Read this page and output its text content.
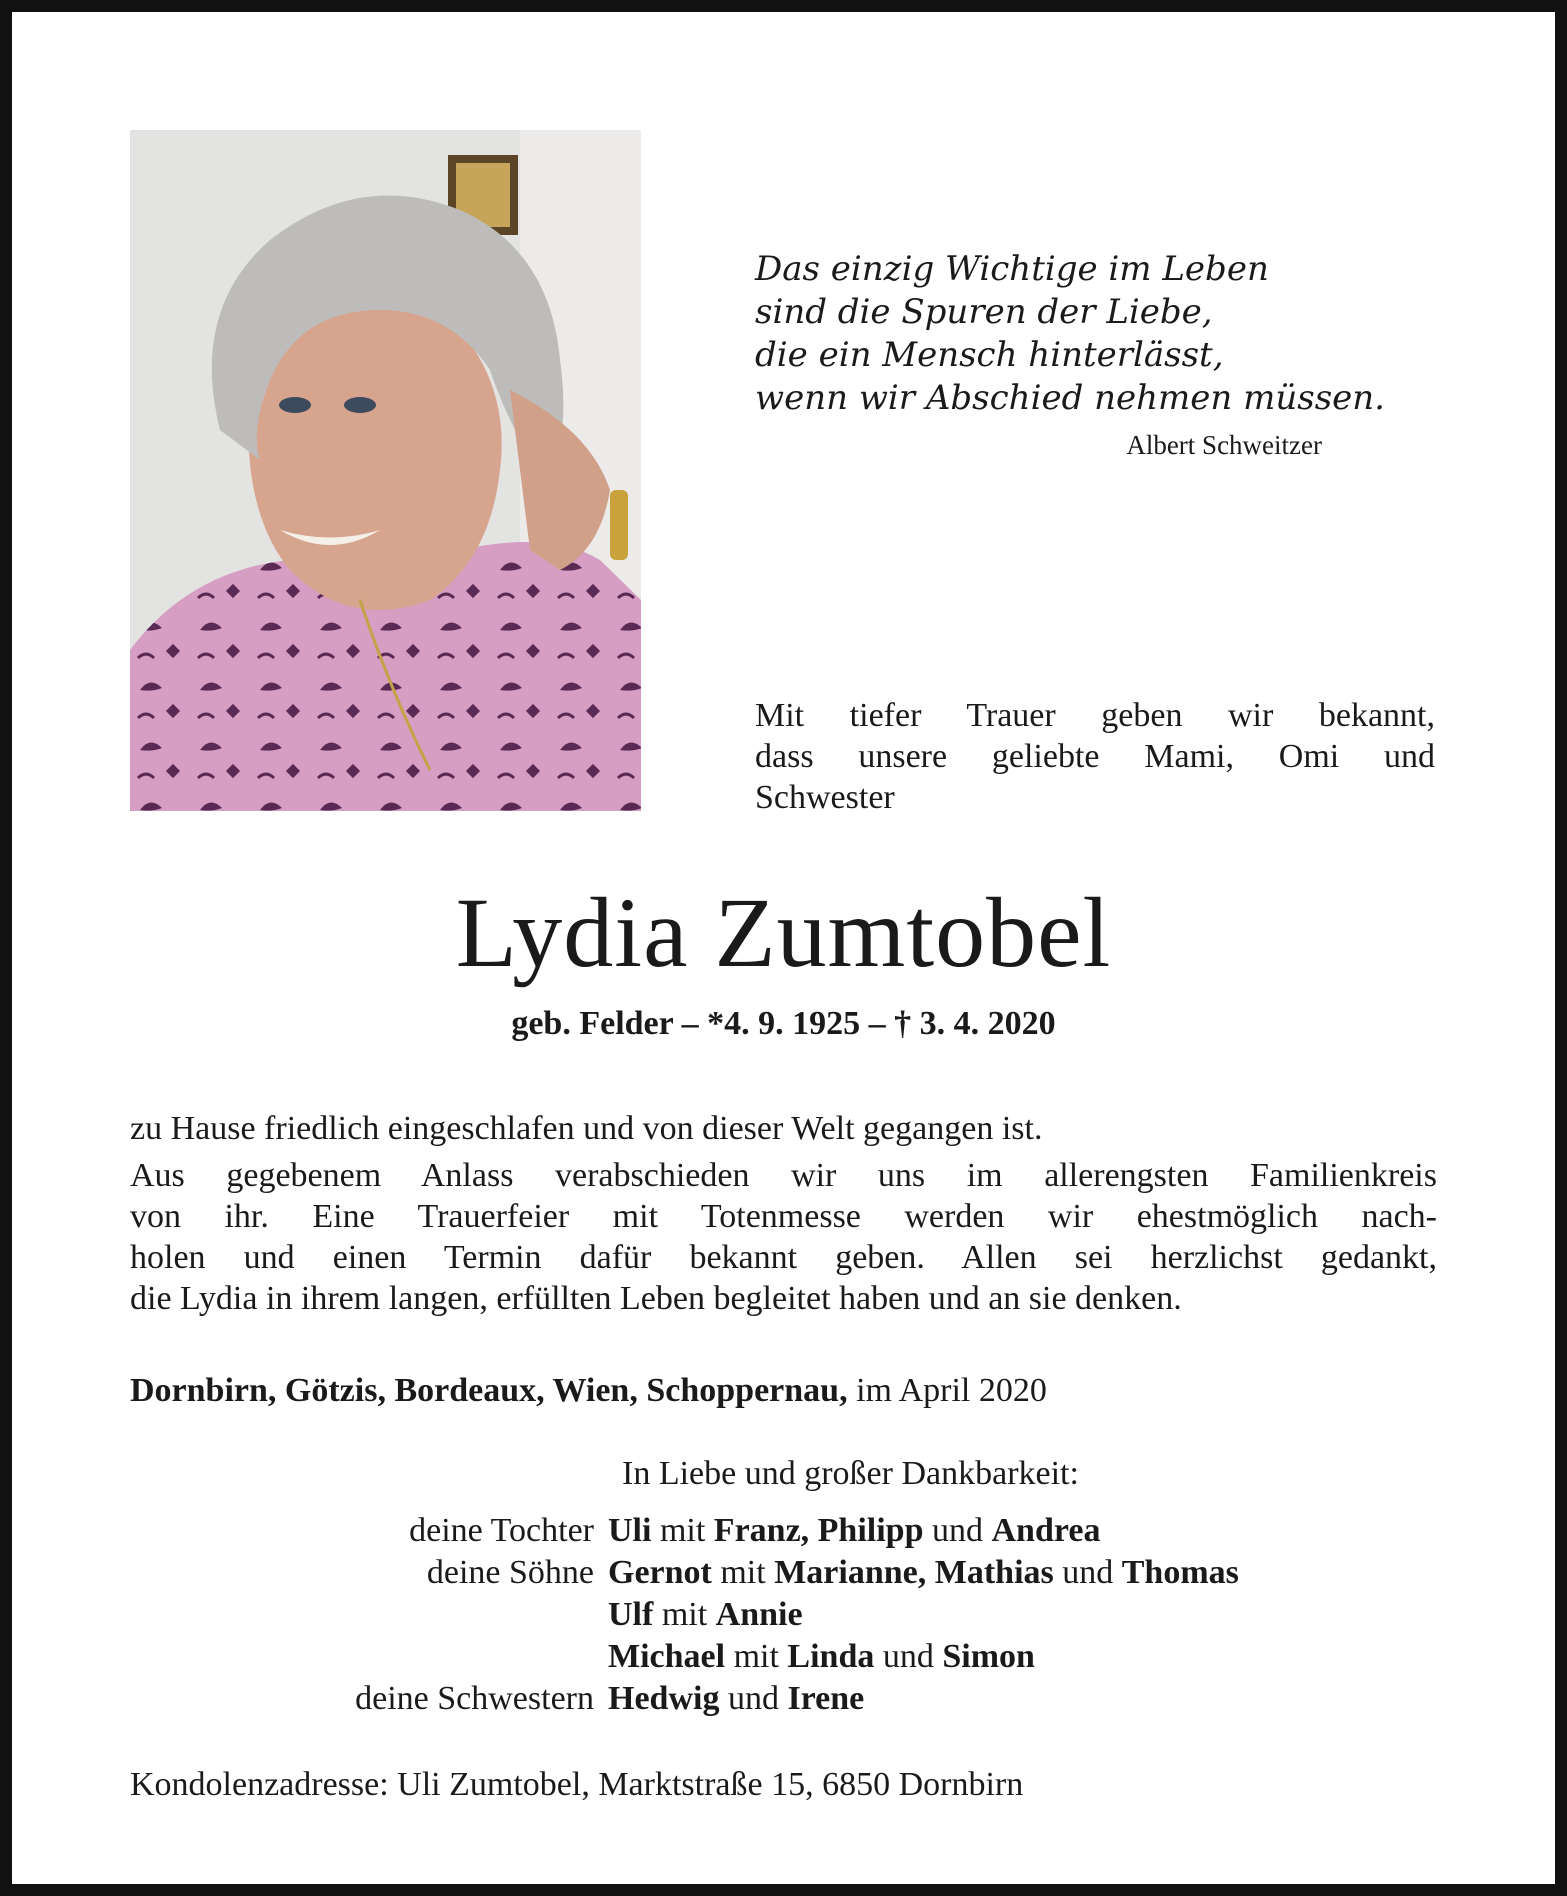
Das einzig Wichtige im Leben
sind die Spuren der Liebe,
die ein Mensch hinterlässt,
wenn wir Abschied nehmen müssen.
Albert Schweitzer
Mit tiefer Trauer geben wir bekannt,
dass unsere geliebte Mami, Omi und
Schwester
Lydia Zumtobel
geb. Felder – *4. 9. 1925 – † 3. 4. 2020
zu Hause friedlich eingeschlafen und von dieser Welt gegangen ist.
Aus gegebenem Anlass verabschieden wir uns im allerengsten Familienkreis
von ihr. Eine Trauerfeier mit Totenmesse werden wir ehestmöglich nach-
holen und einen Termin dafür bekannt geben. Allen sei herzlichst gedankt,
die Lydia in ihrem langen, erfüllten Leben begleitet haben und an sie denken.
Dornbirn, Götzis, Bordeaux, Wien, Schoppernau, im April 2020
In Liebe und großer Dankbarkeit:
deine Tochter Uli mit Franz, Philipp und Andrea
deine Söhne Gernot mit Marianne, Mathias und Thomas
Ulf mit Annie
Michael mit Linda und Simon
deine Schwestern Hedwig und Irene
Kondolenzadresse: Uli Zumtobel, Marktstraße 15, 6850 Dornbirn
